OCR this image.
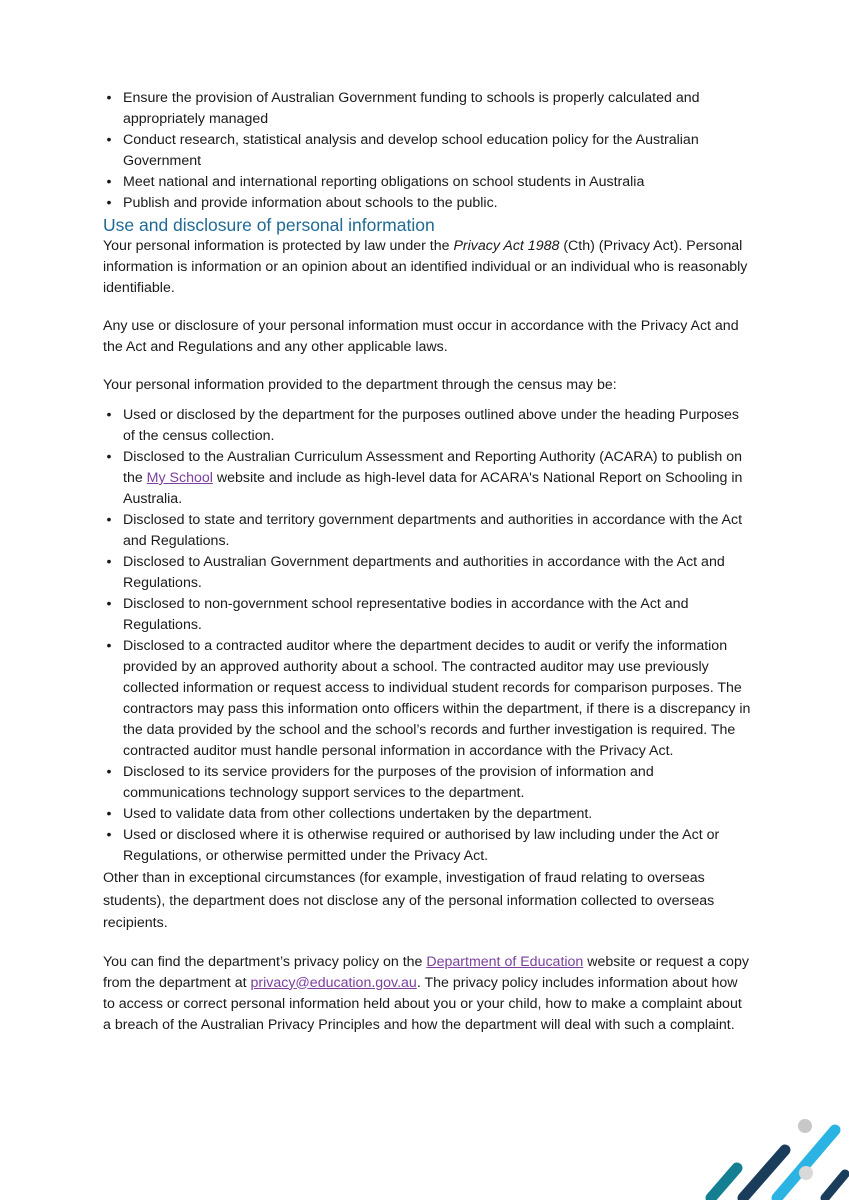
• Ensure the provision of Australian Government funding to schools is properly calculated and appropriately managed
• Conduct research, statistical analysis and develop school education policy for the Australian Government
• Meet national and international reporting obligations on school students in Australia
• Publish and provide information about schools to the public.
Use and disclosure of personal information

Your personal information is protected by law under the Privacy Act 1988 (Cth) (Privacy Act). Personal information is information or an opinion about an identified individual or an individual who is reasonably identifiable.

Any use or disclosure of your personal information must occur in accordance with the Privacy Act and the Act and Regulations and any other applicable laws.

Your personal information provided to the department through the census may be:

• Used or disclosed by the department for the purposes outlined above under the heading Purposes of the census collection.
• Disclosed to the Australian Curriculum Assessment and Reporting Authority (ACARA) to publish on the My School website and include as high-level data for ACARA's National Report on Schooling in Australia.
• Disclosed to state and territory government departments and authorities in accordance with the Act and Regulations.
• Disclosed to Australian Government departments and authorities in accordance with the Act and Regulations.
• Disclosed to non-government school representative bodies in accordance with the Act and Regulations.
• Disclosed to a contracted auditor where the department decides to audit or verify the information provided by an approved authority about a school. The contracted auditor may use previously collected information or request access to individual student records for comparison purposes. The contractors may pass this information onto officers within the department, if there is a discrepancy in the data provided by the school and the school’s records and further investigation is required. The contracted auditor must handle personal information in accordance with the Privacy Act.
• Disclosed to its service providers for the purposes of the provision of information and communications technology support services to the department.
• Used to validate data from other collections undertaken by the department.
• Used or disclosed where it is otherwise required or authorised by law including under the Act or Regulations, or otherwise permitted under the Privacy Act.

Other than in exceptional circumstances (for example, investigation of fraud relating to overseas students), the department does not disclose any of the personal information collected to overseas recipients.

You can find the department’s privacy policy on the Department of Education website or request a copy from the department at privacy@education.gov.au. The privacy policy includes information about how to access or correct personal information held about you or your child, how to make a complaint about a breach of the Australian Privacy Principles and how the department will deal with such a complaint.
